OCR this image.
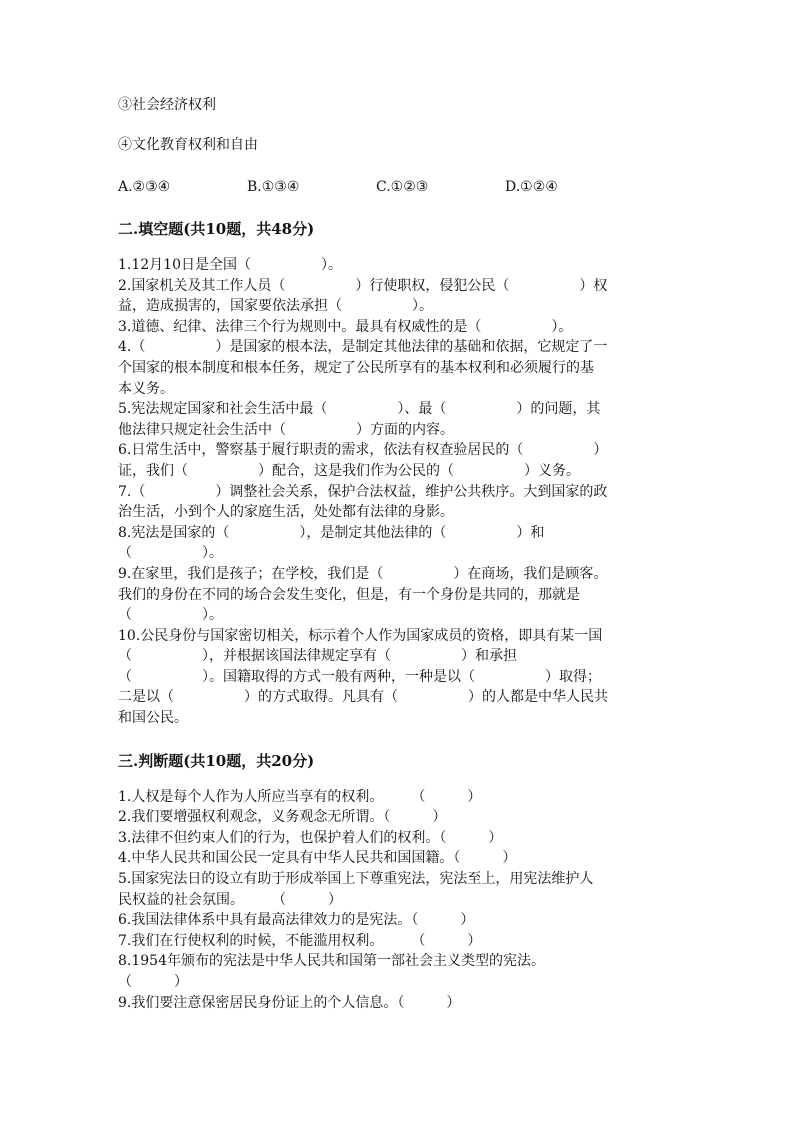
③社会经济权利
④文化教育权利和自由
A.②③④	B.①③④	C.①②③	D.①②④
二.填空题(共10题，共48分)
1.12月10日是全国（　　　　　）。
2.国家机关及其工作人员（　　　　　）行使职权，侵犯公民（　　　　　）权
益，造成损害的，国家要依法承担（　　　　　）。
3.道德、纪律、法律三个行为规则中。最具有权威性的是（　　　　　）。
4.（　　　　　）是国家的根本法，是制定其他法律的基础和依据，它规定了一
个国家的根本制度和根本任务，规定了公民所享有的基本权利和必须履行的基
本义务。
5.宪法规定国家和社会生活中最（　　　　　）、最（　　　　　）的问题，其
他法律只规定社会生活中（　　　　　）方面的内容。
6.日常生活中，警察基于履行职责的需求，依法有权查验居民的（　　　　　）
证，我们（　　　　　）配合，这是我们作为公民的（　　　　　）义务。
7.（　　　　　）调整社会关系，保护合法权益，维护公共秩序。大到国家的政
治生活，小到个人的家庭生活，处处都有法律的身影。
8.宪法是国家的（　　　　　），是制定其他法律的（　　　　　）和
（　　　　　）。
9.在家里，我们是孩子；在学校，我们是（　　　　　）在商场，我们是顾客。
我们的身份在不同的场合会发生变化，但是，有一个身份是共同的，那就是
（　　　　　）。
10.公民身份与国家密切相关，标示着个人作为国家成员的资格，即具有某一国
（　　　　　），并根据该国法律规定享有（　　　　　）和承担
（　　　　　）。国籍取得的方式一般有两种，一种是以（　　　　　）取得；
二是以（　　　　　）的方式取得。凡具有（　　　　　）的人都是中华人民共
和国公民。
三.判断题(共10题，共20分)
1.人权是每个人作为人所应当享有的权利。　　　（　　　）
2.我们要增强权利观念，义务观念无所谓。（　　　）
3.法律不但约束人们的行为，也保护着人们的权利。（　　　）
4.中华人民共和国公民一定具有中华人民共和国国籍。（　　　）
5.国家宪法日的设立有助于形成举国上下尊重宪法，宪法至上，用宪法维护人
民权益的社会氛围。　　　（　　　）
6.我国法律体系中具有最高法律效力的是宪法。（　　　）
7.我们在行使权利的时候，不能滥用权利。　　　（　　　）
8.1954年颁布的宪法是中华人民共和国第一部社会主义类型的宪法。
（　　　）
9.我们要注意保密居民身份证上的个人信息。（　　　）
